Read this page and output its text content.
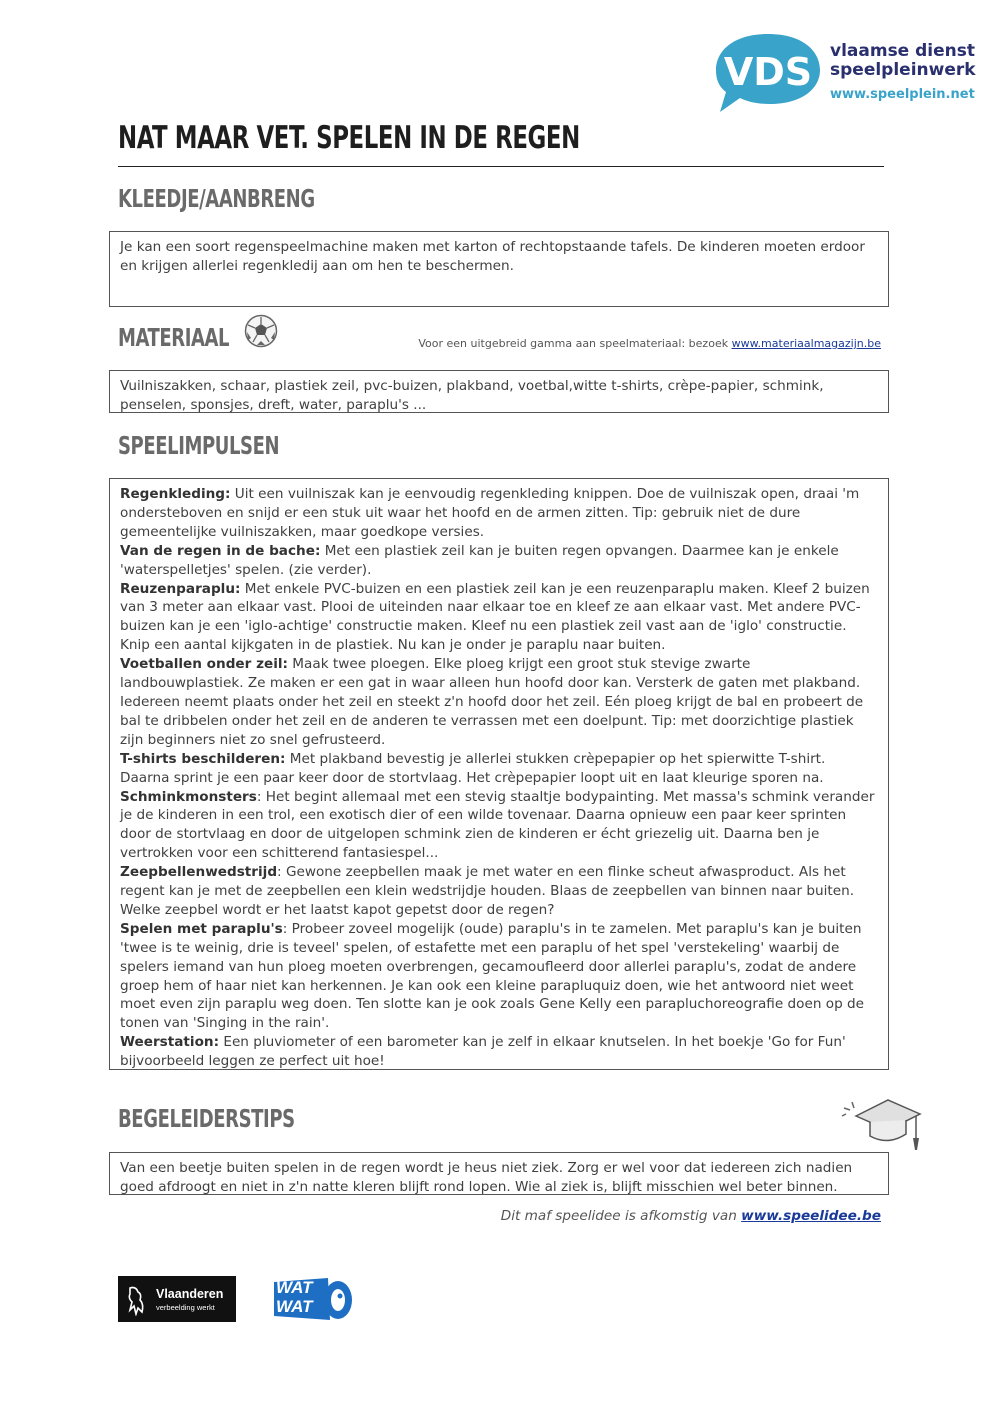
VDS vlaamse dienst
speelpleinwerk
www.speelplein.net
NAT MAAR VET. SPELEN IN DE REGEN
KLEEDJE/AANBRENG

Je kan een soort regenspeelmachine maken met karton of rechtopstaande tafels. De kinderen moeten erdoor en krijgen allerlei regenkledij aan om hen te beschermen.

MATERIAAL	Voor een uitgebreid gamma aan speelmateriaal: bezoek www.materiaalmagazijn.be

Vuilniszakken, schaar, plastiek zeil, pvc-buizen, plakband, voetbal,witte t-shirts, crèpe-papier, schmink, penselen, sponsjes, dreft, water, paraplu's ...

SPEELIMPULSEN

Regenkleding: Uit een vuilniszak kan je eenvoudig regenkleding knippen. Doe de vuilniszak open, draai 'm ondersteboven en snijd er een stuk uit waar het hoofd en de armen zitten. Tip: gebruik niet de dure gemeentelijke vuilniszakken, maar goedkope versies.

Van de regen in de bache: Met een plastiek zeil kan je buiten regen opvangen. Daarmee kan je enkele 'waterspelletjes' spelen. (zie verder).

Reuzenparaplu: Met enkele PVC-buizen en een plastiek zeil kan je een reuzenparaplu maken. Kleef 2 buizen van 3 meter aan elkaar vast. Plooi de uiteinden naar elkaar toe en kleef ze aan elkaar vast. Met andere PVC-buizen kan je een 'iglo-achtige' constructie maken. Kleef nu een plastiek zeil vast aan de 'iglo' constructie. Knip een aantal kijkgaten in de plastiek. Nu kan je onder je paraplu naar buiten.

Voetballen onder zeil: Maak twee ploegen. Elke ploeg krijgt een groot stuk stevige zwarte landbouwplastiek. Ze maken er een gat in waar alleen hun hoofd door kan. Versterk de gaten met plakband. Iedereen neemt plaats onder het zeil en steekt z'n hoofd door het zeil. Eén ploeg krijgt de bal en probeert de bal te dribbelen onder het zeil en de anderen te verrassen met een doelpunt. Tip: met doorzichtige plastiek zijn beginners niet zo snel gefrusteerd.

T-shirts beschilderen: Met plakband bevestig je allerlei stukken crèpepapier op het spierwitte T-shirt. Daarna sprint je een paar keer door de stortvlaag. Het crèpepapier loopt uit en laat kleurige sporen na.

Schminkmonsters: Het begint allemaal met een stevig staaltje bodypainting. Met massa's schmink verander je de kinderen in een trol, een exotisch dier of een wilde tovenaar. Daarna opnieuw een paar keer sprinten door de stortvlaag en door de uitgelopen schmink zien de kinderen er écht griezelig uit. Daarna ben je vertrokken voor een schitterend fantasiespel...

Zeepbellenwedstrijd: Gewone zeepbellen maak je met water en een flinke scheut afwasproduct. Als het regent kan je met de zeepbellen een klein wedstrijdje houden. Blaas de zeepbellen van binnen naar buiten. Welke zeepbel wordt er het laatst kapot gepetst door de regen?

Spelen met paraplu's: Probeer zoveel mogelijk (oude) paraplu's in te zamelen. Met paraplu's kan je buiten 'twee is te weinig, drie is teveel' spelen, of estafette met een paraplu of het spel 'verstekeling' waarbij de spelers iemand van hun ploeg moeten overbrengen, gecamoufleerd door allerlei paraplu's, zodat de andere groep hem of haar niet kan herkennen. Je kan ook een kleine parapluquiz doen, wie het antwoord niet weet moet even zijn paraplu weg doen. Ten slotte kan je ook zoals Gene Kelly een parapluchoreografie doen op de tonen van 'Singing in the rain'.

Weerstation: Een pluviometer of een barometer kan je zelf in elkaar knutselen. In het boekje 'Go for Fun' bijvoorbeeld leggen ze perfect uit hoe!

BEGELEIDERSTIPS

Van een beetje buiten spelen in de regen wordt je heus niet ziek. Zorg er wel voor dat iedereen zich nadien goed afdroogt en niet in z'n natte kleren blijft rond lopen. Wie al ziek is, blijft misschien wel beter binnen.

Dit maf speelidee is afkomstig van www.speelidee.be
Vlaanderen
verbeelding werkt
WAT
WAT
